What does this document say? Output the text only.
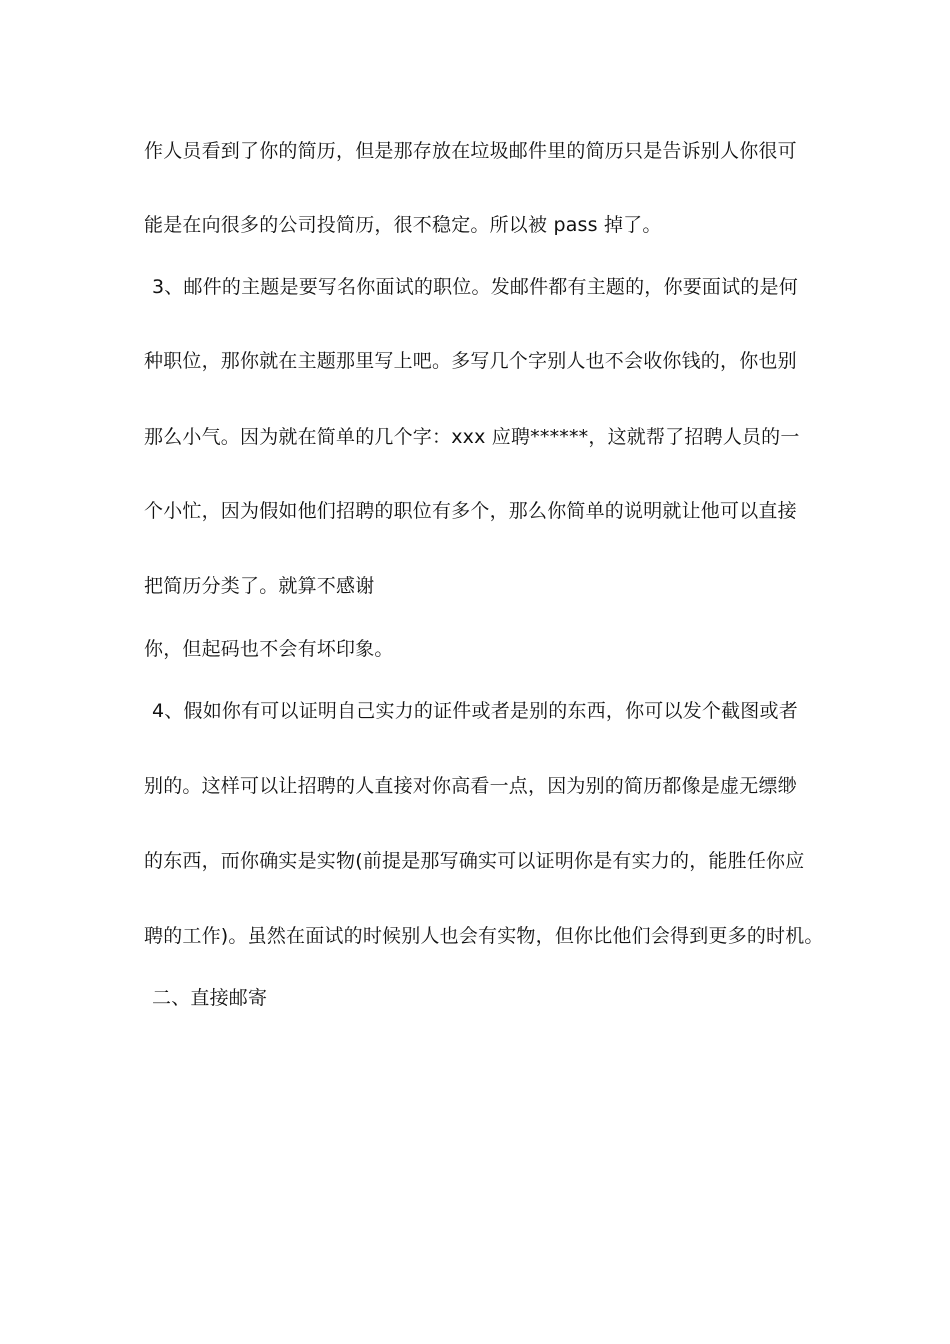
作人员看到了你的简历，但是那存放在垃圾邮件里的简历只是告诉别人你很可
能是在向很多的公司投简历，很不稳定。所以被 pass 掉了。
3、邮件的主题是要写名你面试的职位。发邮件都有主题的，你要面试的是何
种职位，那你就在主题那里写上吧。多写几个字别人也不会收你钱的，你也别
那么小气。因为就在简单的几个字：xxx 应聘******，这就帮了招聘人员的一
个小忙，因为假如他们招聘的职位有多个，那么你简单的说明就让他可以直接
把简历分类了。就算不感谢
你，但起码也不会有坏印象。
4、假如你有可以证明自己实力的证件或者是别的东西，你可以发个截图或者
别的。这样可以让招聘的人直接对你高看一点，因为别的简历都像是虚无缥缈
的东西，而你确实是实物(前提是那写确实可以证明你是有实力的，能胜任你应
聘的工作)。虽然在面试的时候别人也会有实物，但你比他们会得到更多的时机。
二、直接邮寄
